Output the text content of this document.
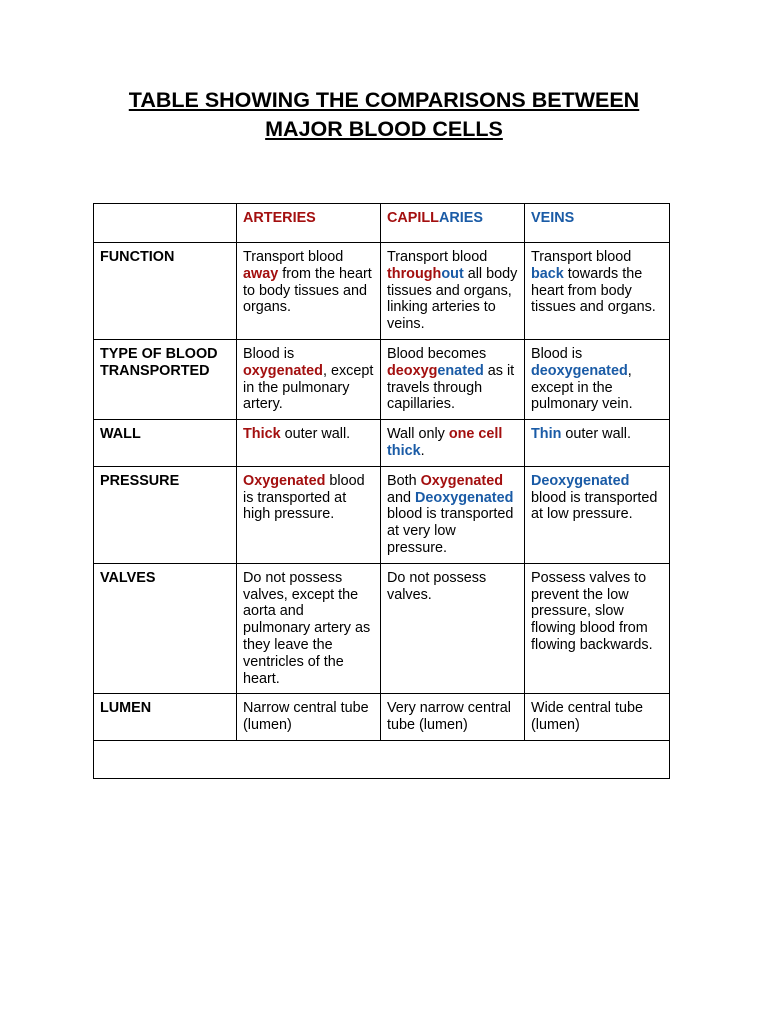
TABLE SHOWING THE COMPARISONS BETWEEN
MAJOR BLOOD CELLS
	ARTERIES	CAPILLARIES	VEINS
FUNCTION	Transport blood away from the heart to body tissues and organs.	Transport blood throughout all body tissues and organs, linking arteries to veins.	Transport blood back towards the heart from body tissues and organs.
TYPE OF BLOOD TRANSPORTED	Blood is oxygenated, except in the pulmonary artery.	Blood becomes deoxygenated as it travels through capillaries.	Blood is deoxygenated, except in the pulmonary vein.
WALL	Thick outer wall.	Wall only one cell thick.	Thin outer wall.
PRESSURE	Oxygenated blood is transported at high pressure.	Both Oxygenated and Deoxygenated blood is transported at very low pressure.	Deoxygenated blood is transported at low pressure.
VALVES	Do not possess valves, except the aorta and pulmonary artery as they leave the ventricles of the heart.	Do not possess valves.	Possess valves to prevent the low pressure, slow flowing blood from flowing backwards.
LUMEN	Narrow central tube (lumen)	Very narrow central tube (lumen)	Wide central tube (lumen)
